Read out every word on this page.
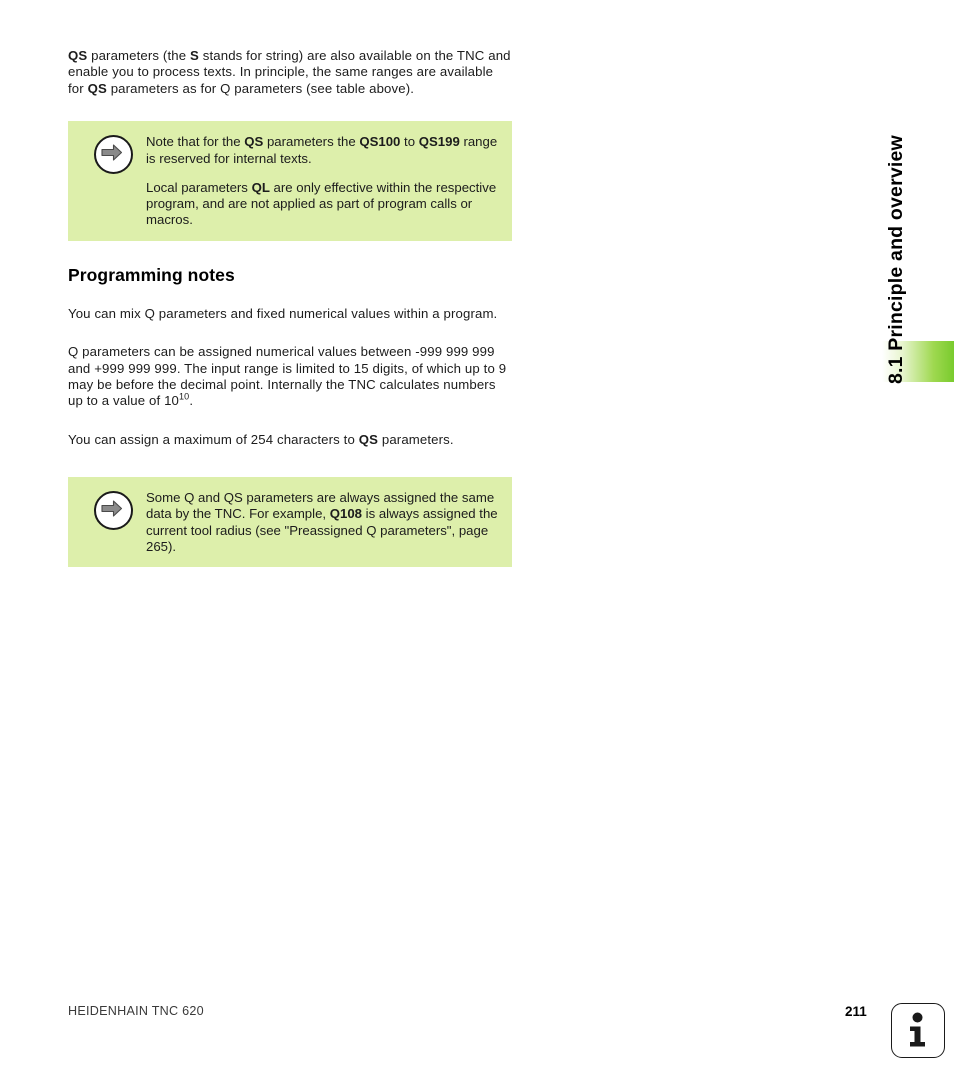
QS parameters (the S stands for string) are also available on the TNC and enable you to process texts. In principle, the same ranges are available for QS parameters as for Q parameters (see table above).

Note that for the QS parameters the QS100 to QS199 range is reserved for internal texts.

Local parameters QL are only effective within the respective program, and are not applied as part of program calls or macros.

Programming notes

You can mix Q parameters and fixed numerical values within a program.

Q parameters can be assigned numerical values between -999 999 999 and +999 999 999. The input range is limited to 15 digits, of which up to 9 may be before the decimal point. Internally the TNC calculates numbers up to a value of $10^{10}$.

You can assign a maximum of 254 characters to QS parameters.

Some Q and QS parameters are always assigned the same data by the TNC. For example, Q108 is always assigned the current tool radius (see "Preassigned Q parameters", page 265).

8.1 Principle and overview
HEIDENHAIN TNC 620	211
